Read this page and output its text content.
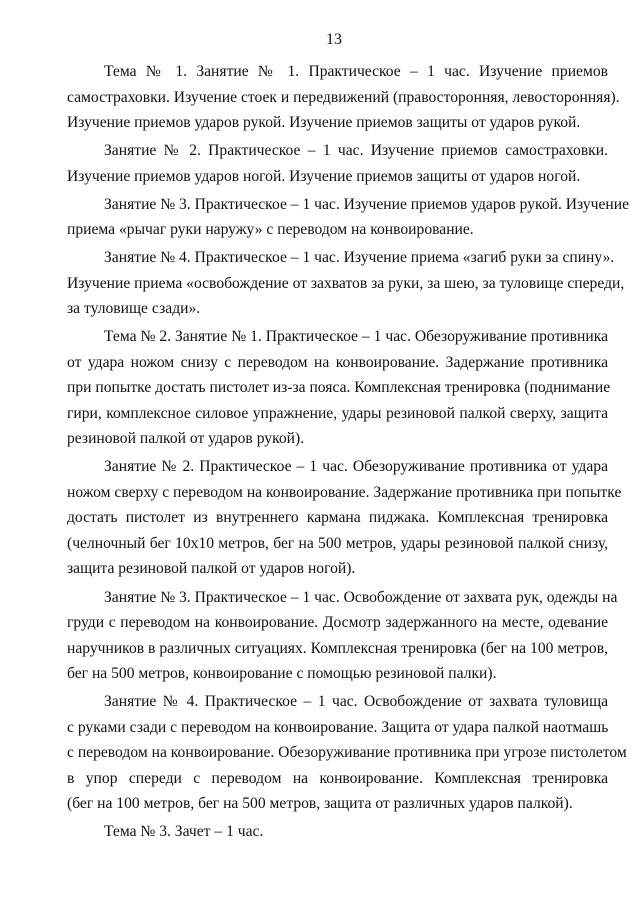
13
Тема № 1. Занятие № 1. Практическое – 1 час. Изучение приемов
самостраховки. Изучение стоек и передвижений (правосторонняя, левосторонняя).
Изучение приемов ударов рукой. Изучение приемов защиты от ударов рукой.
Занятие № 2. Практическое – 1 час. Изучение приемов самостраховки.
Изучение приемов ударов ногой. Изучение приемов защиты от ударов ногой.
Занятие № 3. Практическое – 1 час. Изучение приемов ударов рукой. Изучение
приема «рычаг руки наружу» с переводом на конвоирование.
Занятие № 4. Практическое – 1 час. Изучение приема «загиб руки за спину».
Изучение приема «освобождение от захватов за руки, за шею, за туловище спереди,
за туловище сзади».
Тема № 2. Занятие № 1. Практическое – 1 час. Обезоруживание противника
от удара ножом снизу с переводом на конвоирование. Задержание противника
при попытке достать пистолет из-за пояса. Комплексная тренировка (поднимание
гири, комплексное силовое упражнение, удары резиновой палкой сверху, защита
резиновой палкой от ударов рукой).
Занятие № 2. Практическое – 1 час. Обезоруживание противника от удара
ножом сверху с переводом на конвоирование. Задержание противника при попытке
достать пистолет из внутреннего кармана пиджака. Комплексная тренировка
(челночный бег 10х10 метров, бег на 500 метров, удары резиновой палкой снизу,
защита резиновой палкой от ударов ногой).
Занятие № 3. Практическое – 1 час. Освобождение от захвата рук, одежды на
груди с переводом на конвоирование. Досмотр задержанного на месте, одевание
наручников в различных ситуациях. Комплексная тренировка (бег на 100 метров,
бег на 500 метров, конвоирование с помощью резиновой палки).
Занятие № 4. Практическое – 1 час. Освобождение от захвата туловища
с руками сзади с переводом на конвоирование. Защита от удара палкой наотмашь
с переводом на конвоирование. Обезоруживание противника при угрозе пистолетом
в упор спереди с переводом на конвоирование. Комплексная тренировка
(бег на 100 метров, бег на 500 метров, защита от различных ударов палкой).
Тема № 3. Зачет – 1 час.
